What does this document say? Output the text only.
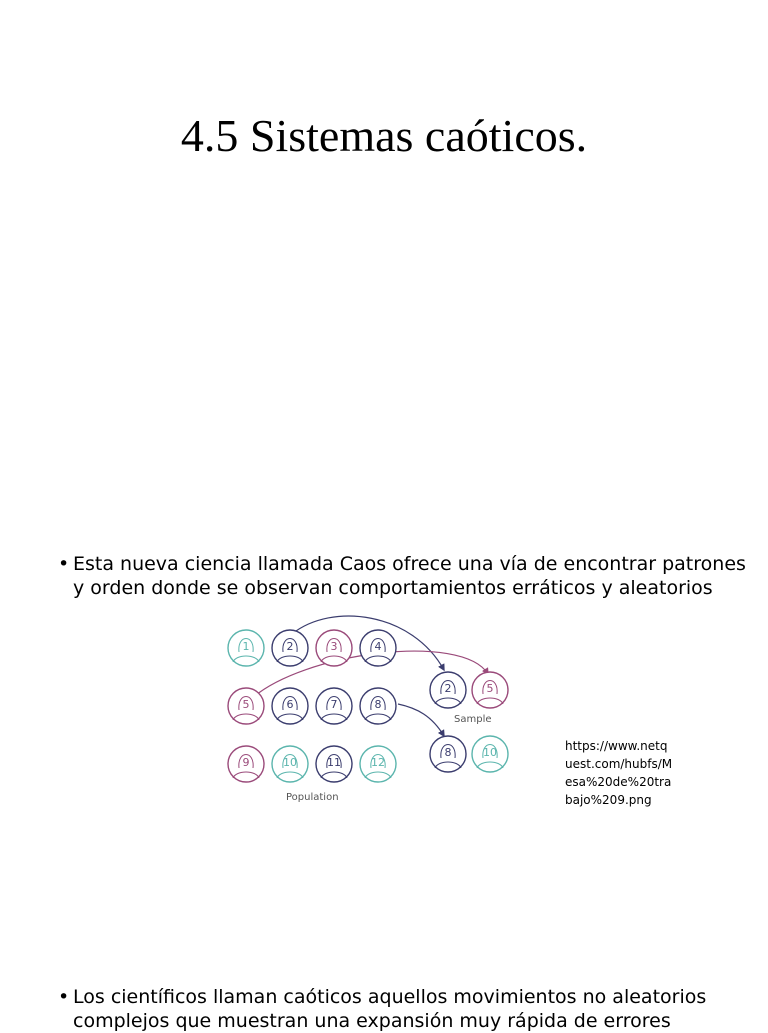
4.5 Sistemas caóticos.
• Esta nueva ciencia llamada Caos ofrece una vía de encontrar patrones y orden donde se observan comportamientos erráticos y aleatorios
1	2	3	4
5	6	7	8
9	10	11	12
2	5
8	10
Population
Sample
https://www.netquest.com/hubfs/Mesa%20de%20trabajo%209.png
• Los científicos llaman caóticos aquellos movimientos no aleatorios complejos que muestran una expansión muy rápida de errores
